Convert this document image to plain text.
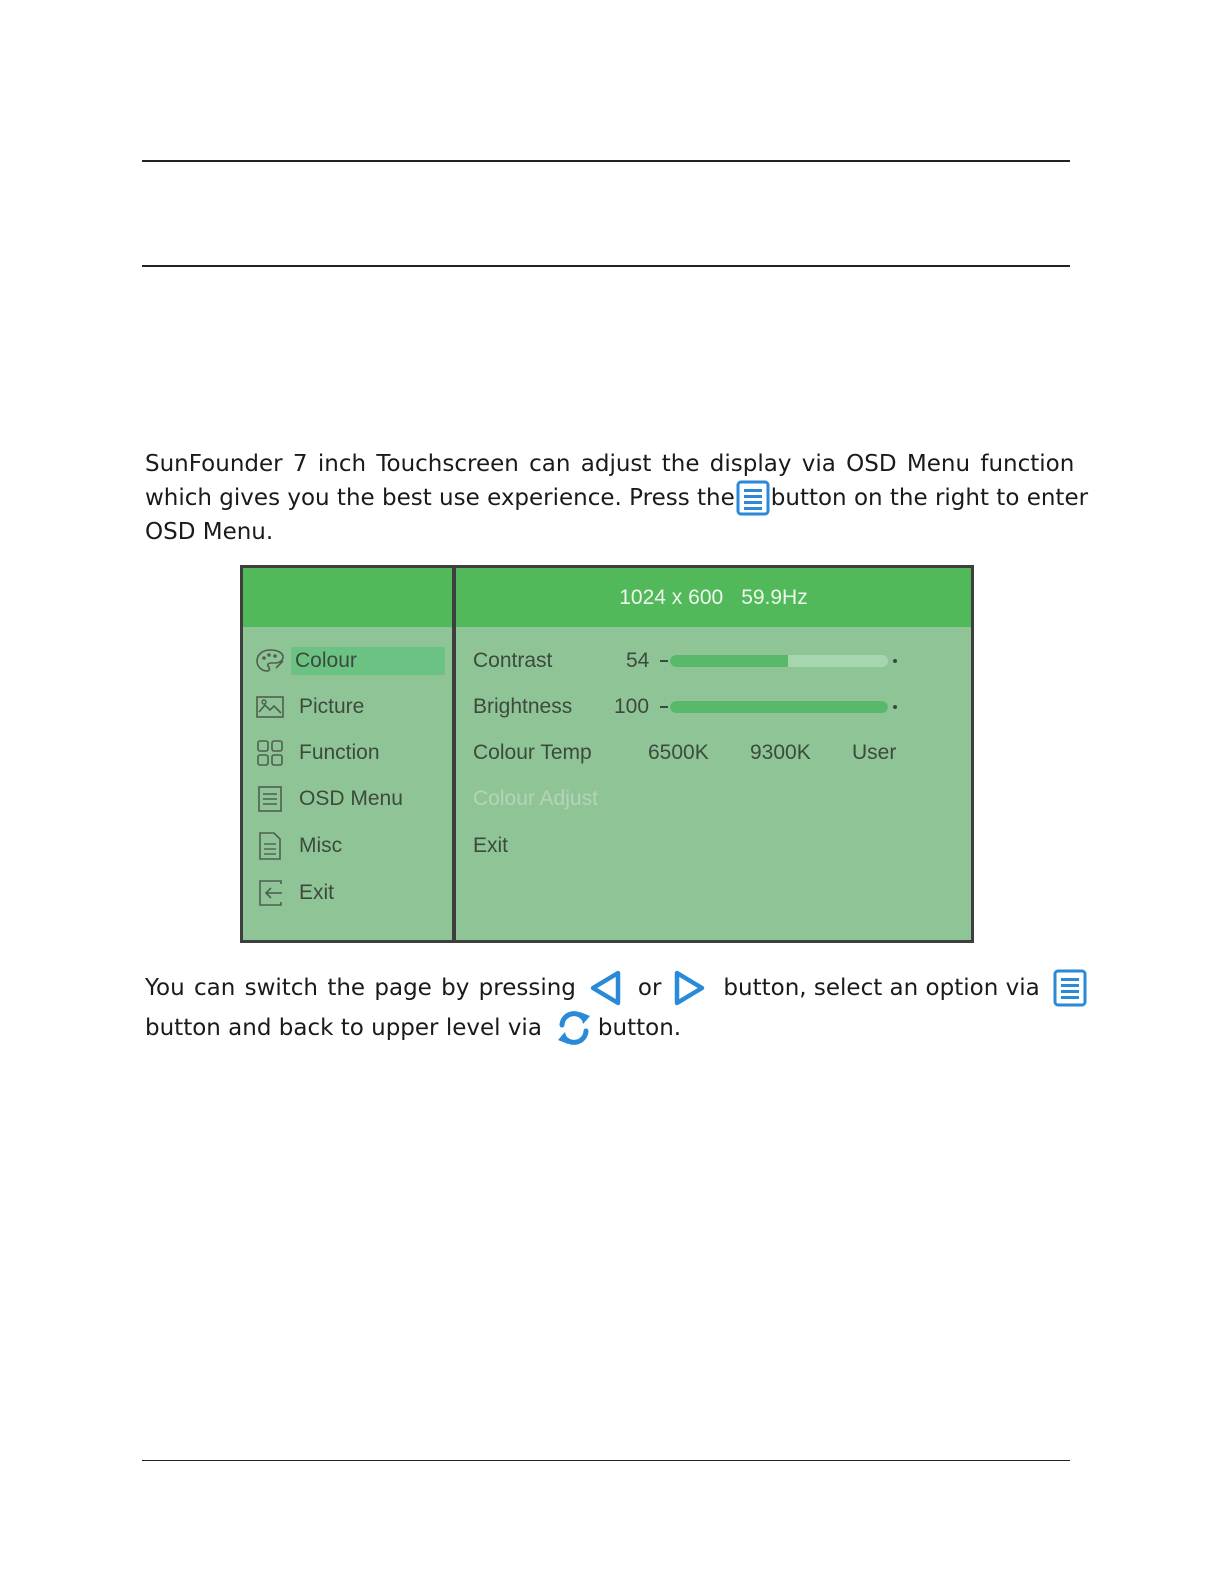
SunFounder 7 inch Touchscreen can adjust the display via OSD Menu function
which gives you the best use experience. Press the button on the right to enter
OSD Menu.
Colour
Picture
Function
OSD Menu
Misc
Exit
1024 x 600 59.9Hz
Contrast	54
Brightness 100
Colour Temp	6500K 9300K User
Colour Adjust
Exit
You can switch the page by pressing	or	button, select an option via
button and back to upper level via button.
